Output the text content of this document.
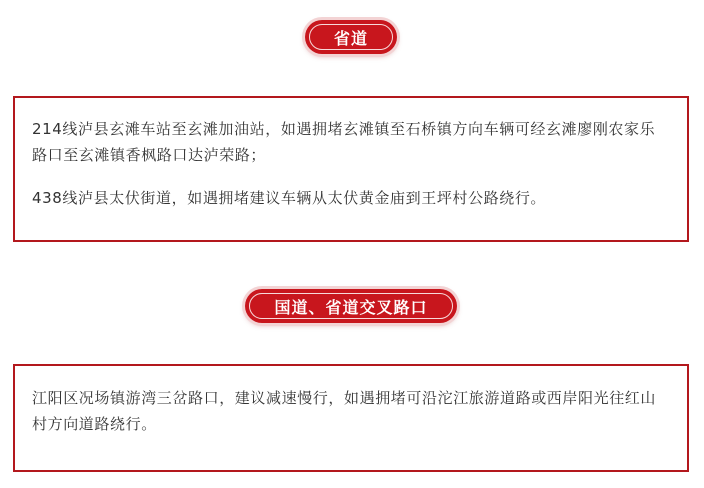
省道

214线泸县玄滩车站至玄滩加油站，如遇拥堵玄滩镇至石桥镇方向车辆可经玄滩廖刚农家乐路口至玄滩镇香枫路口达泸荣路；

438线泸县太伏街道，如遇拥堵建议车辆从太伏黄金庙到王坪村公路绕行。

国道、省道交叉路口

江阳区况场镇游湾三岔路口，建议减速慢行，如遇拥堵可沿沱江旅游道路或西岸阳光往红山村方向道路绕行。
